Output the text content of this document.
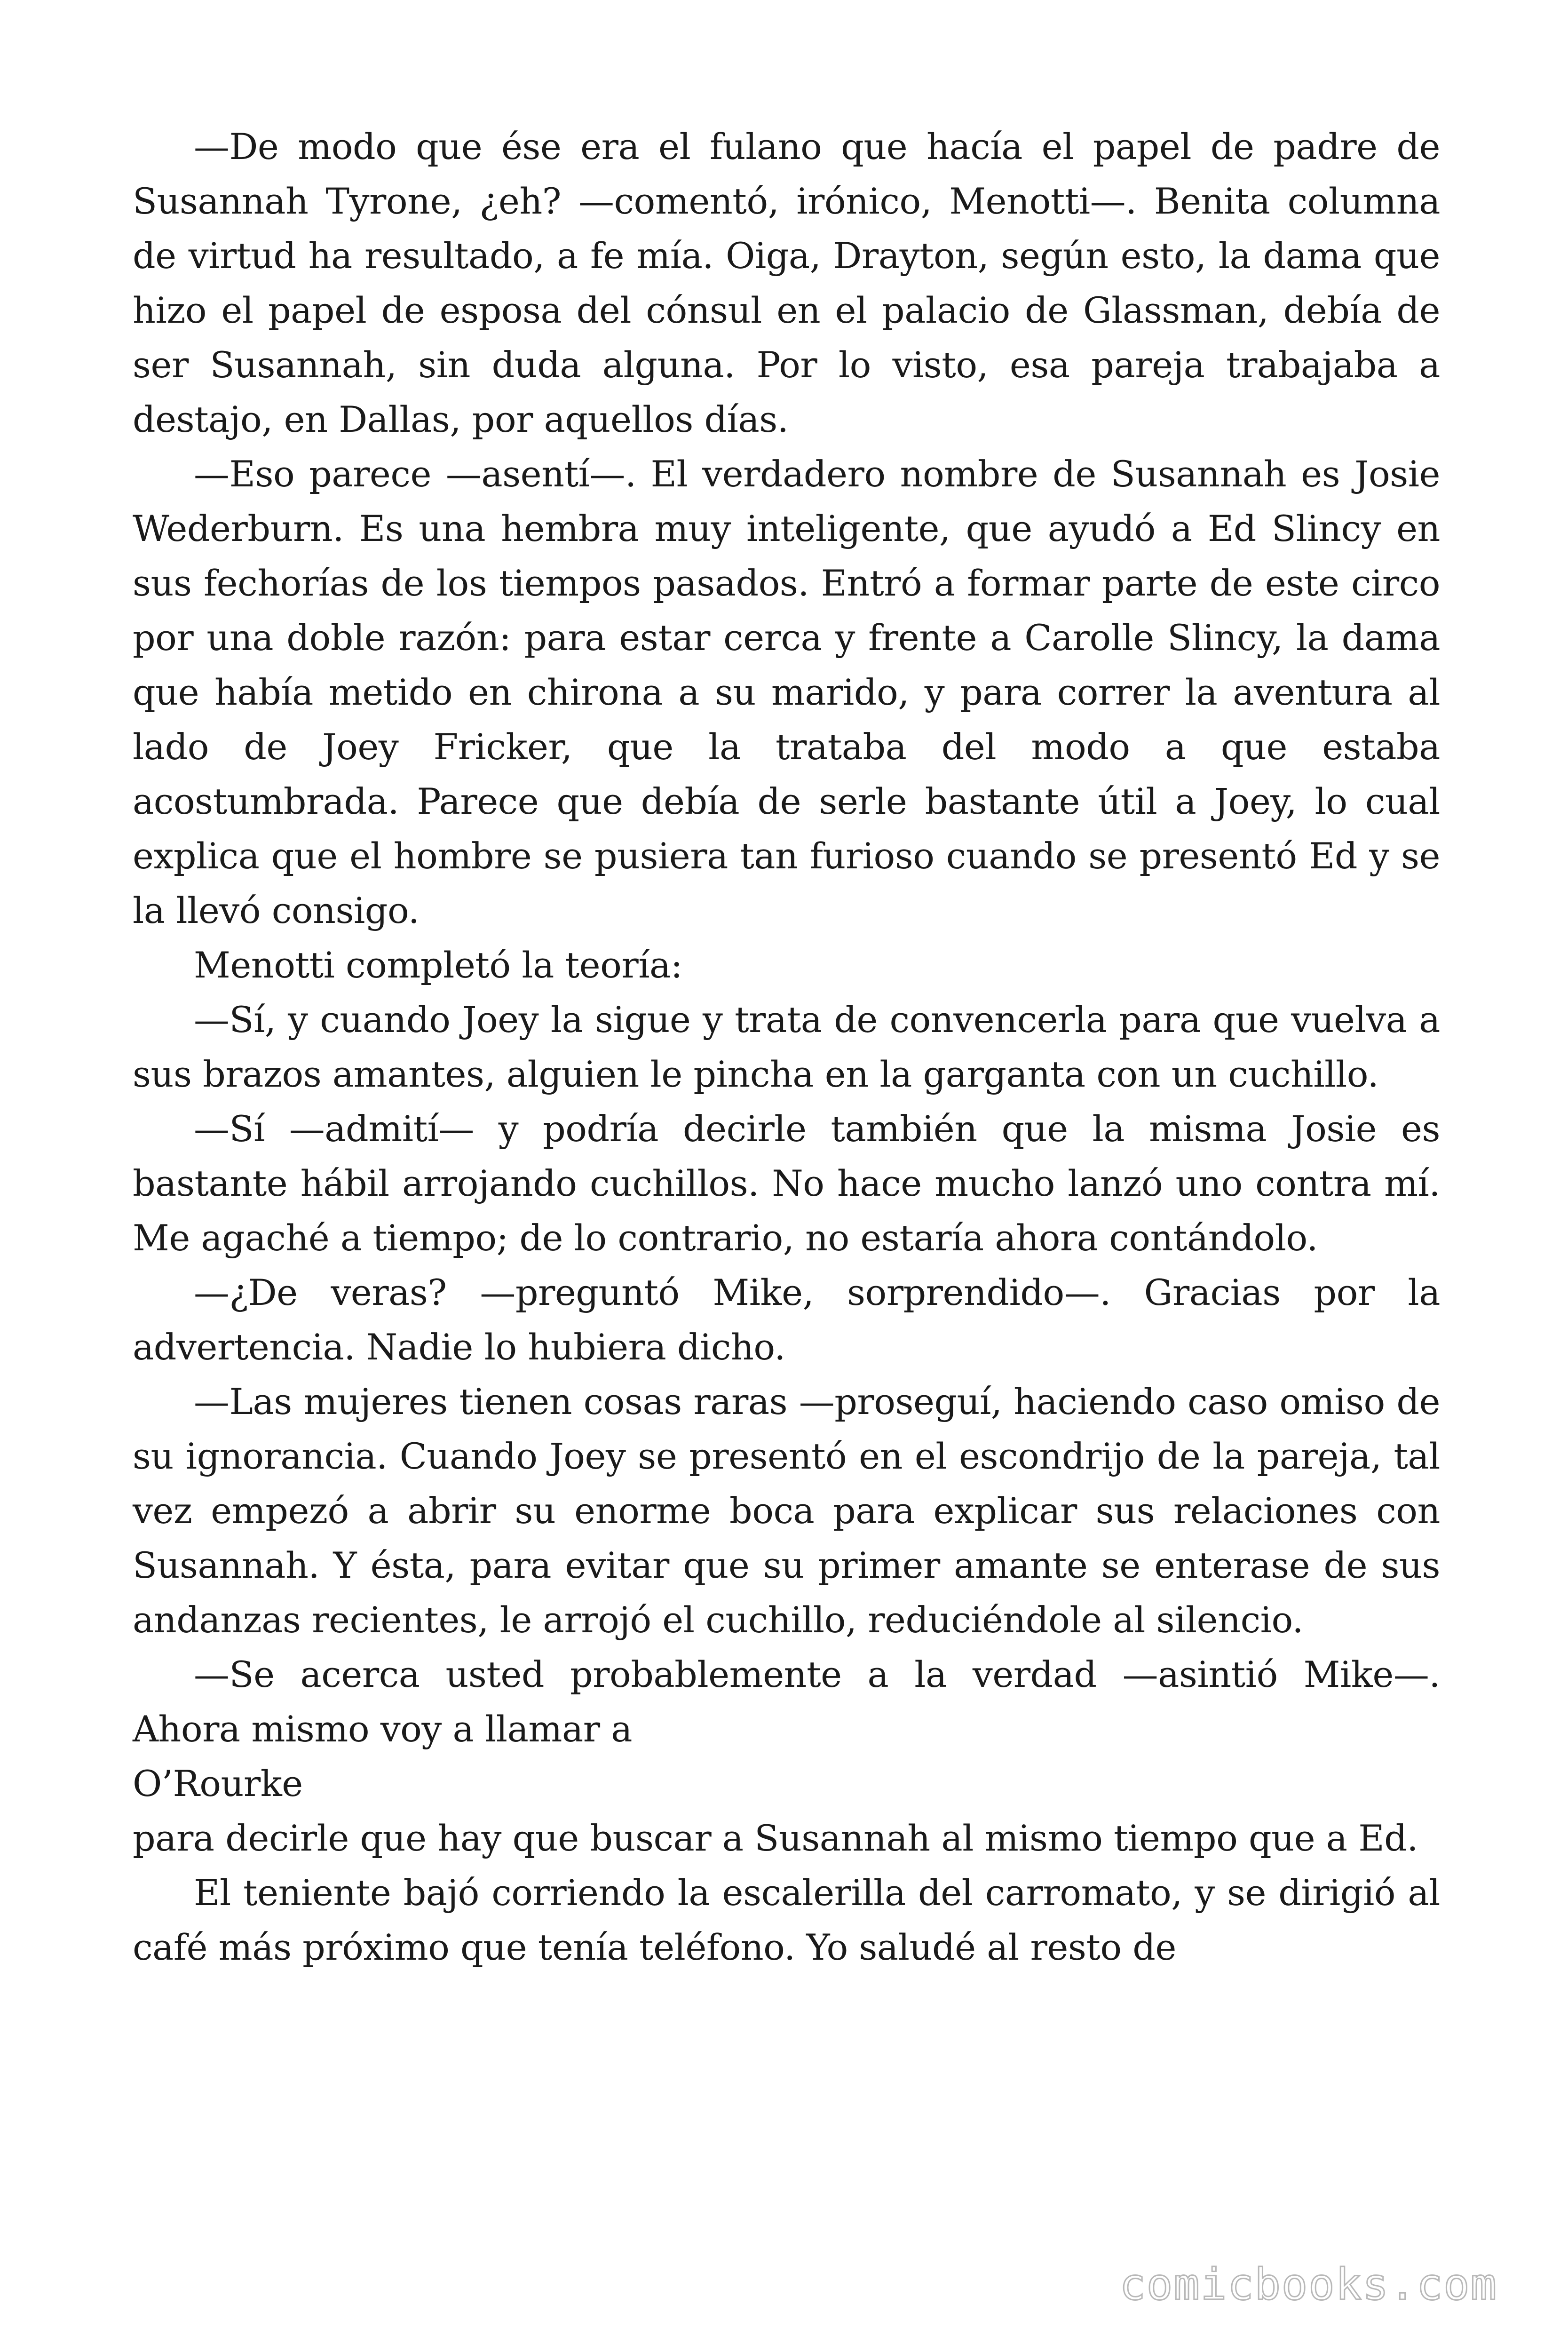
—De modo que ése era el fulano que hacía el papel de padre de Susannah Tyrone, ¿eh? —comentó, irónico, Menotti—. Benita columna de virtud ha resultado, a fe mía. Oiga, Drayton, según esto, la dama que hizo el papel de esposa del cónsul en el palacio de Glassman, debía de ser Susannah, sin duda alguna. Por lo visto, esa pareja trabajaba a destajo, en Dallas, por aquellos días.

—Eso parece —asentí—. El verdadero nombre de Susannah es Josie Wederburn. Es una hembra muy inteligente, que ayudó a Ed Slincy en sus fechorías de los tiempos pasados. Entró a formar parte de este circo por una doble razón: para estar cerca y frente a Carolle Slincy, la dama que había metido en chirona a su marido, y para correr la aventura al lado de Joey Fricker, que la trataba del modo a que estaba acostumbrada. Parece que debía de serle bastante útil a Joey, lo cual explica que el hombre se pusiera tan furioso cuando se presentó Ed y se la llevó consigo.

Menotti completó la teoría:

—Sí, y cuando Joey la sigue y trata de convencerla para que vuelva a sus brazos amantes, alguien le pincha en la garganta con un cuchillo.

—Sí —admití— y podría decirle también que la misma Josie es bastante hábil arrojando cuchillos. No hace mucho lanzó uno contra mí. Me agaché a tiempo; de lo contrario, no estaría ahora contándolo.

—¿De veras? —preguntó Mike, sorprendido—. Gracias por la advertencia. Nadie lo hubiera dicho.

—Las mujeres tienen cosas raras —proseguí, haciendo caso omiso de su ignorancia. Cuando Joey se presentó en el escondrijo de la pareja, tal vez empezó a abrir su enorme boca para explicar sus relaciones con Susannah. Y ésta, para evitar que su primer amante se enterase de sus andanzas recientes, le arrojó el cuchillo, reduciéndole al silencio.

—Se acerca usted probablemente a la verdad —asintió Mike—. Ahora mismo voy a llamar a

O’Rourke

para decirle que hay que buscar a Susannah al mismo tiempo que a Ed.

El teniente bajó corriendo la escalerilla del carromato, y se dirigió al café más próximo que tenía teléfono. Yo saludé al resto de

comicbooks.com
